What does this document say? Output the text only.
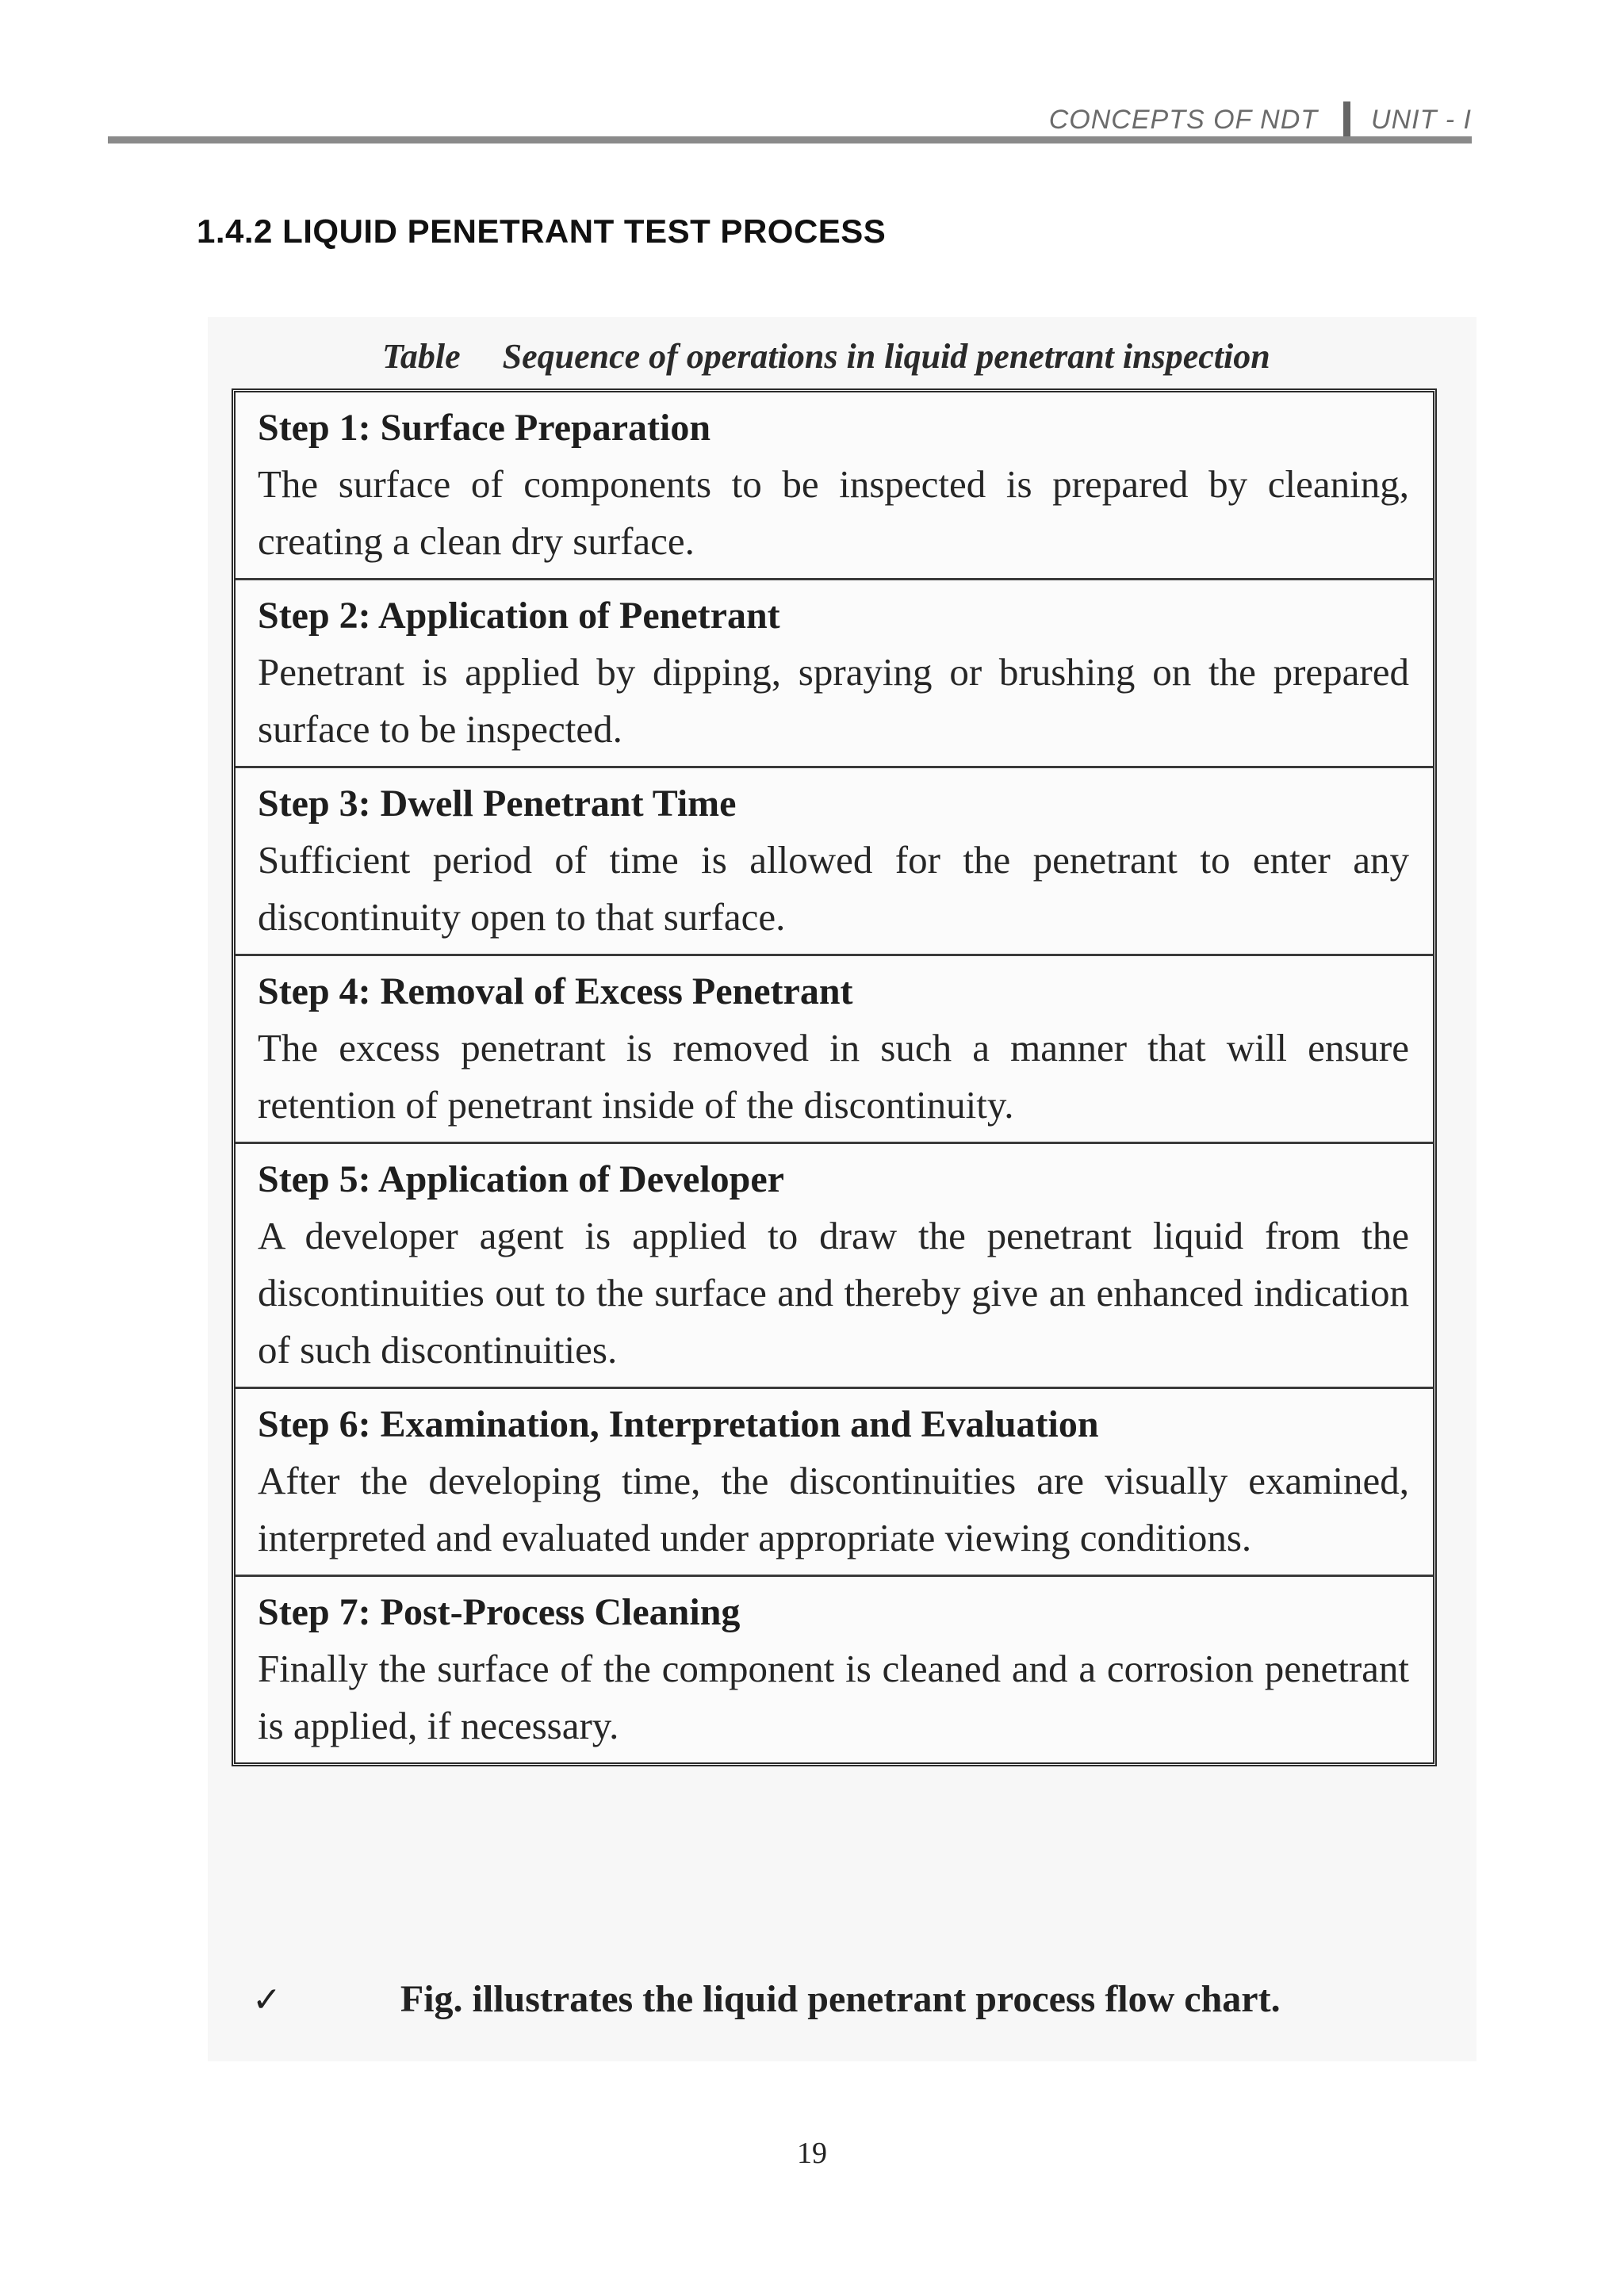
CONCEPTS OF NDT UNIT - I
1.4.2 LIQUID PENETRANT TEST PROCESS
Table Sequence of operations in liquid penetrant inspection
Step 1: Surface Preparation
The surface of components to be inspected is prepared by cleaning, creating a clean dry surface.
Step 2: Application of Penetrant
Penetrant is applied by dipping, spraying or brushing on the prepared surface to be inspected.
Step 3: Dwell Penetrant Time
Sufficient period of time is allowed for the penetrant to enter any discontinuity open to that surface.
Step 4: Removal of Excess Penetrant
The excess penetrant is removed in such a manner that will ensure retention of penetrant inside of the discontinuity.
Step 5: Application of Developer
A developer agent is applied to draw the penetrant liquid from the discontinuities out to the surface and thereby give an enhanced indication of such discontinuities.
Step 6: Examination, Interpretation and Evaluation
After the developing time, the discontinuities are visually examined, interpreted and evaluated under appropriate viewing conditions.
Step 7: Post-Process Cleaning
Finally the surface of the component is cleaned and a corrosion penetrant is applied, if necessary.
✓	Fig. illustrates the liquid penetrant process flow chart.
19
